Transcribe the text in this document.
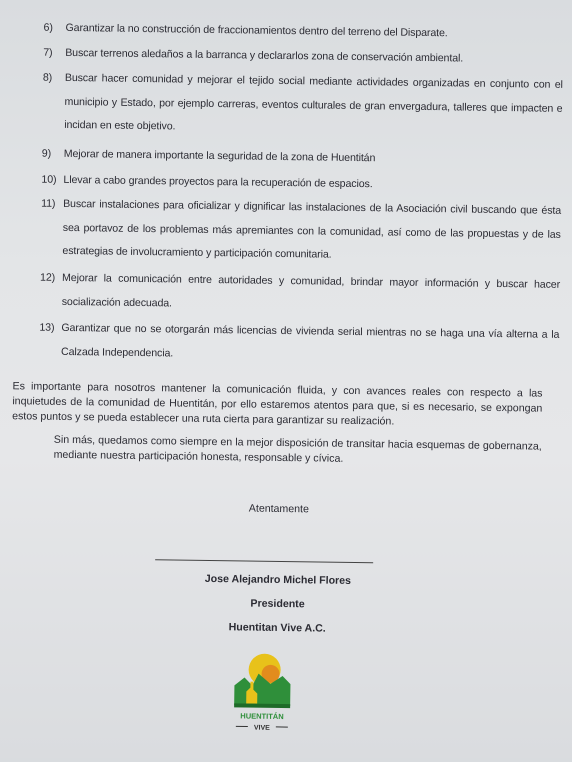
6) Garantizar la no construcción de fraccionamientos dentro del terreno del Disparate.
7) Buscar terrenos aledaños a la barranca y declararlos zona de conservación ambiental.
8)	Buscar hacer comunidad y mejorar el tejido social mediante actividades organizadas en conjunto con el municipio y Estado, por ejemplo carreras, eventos culturales de gran envergadura, talleres que impacten e incidan en este objetivo.
9) Mejorar de manera importante la seguridad de la zona de Huentitán
10) Llevar a cabo grandes proyectos para la recuperación de espacios.
11) Buscar instalaciones para oficializar y dignificar las instalaciones de la Asociación civil buscando que ésta sea portavoz de los problemas más apremiantes con la comunidad, así como de las propuestas y de las estrategias de involucramiento y participación comunitaria.
12) Mejorar la comunicación entre autoridades y comunidad, brindar mayor información y buscar hacer socialización adecuada.
13) Garantizar que no se otorgarán más licencias de vivienda serial mientras no se haga una vía alterna a la Calzada Independencia.
Es importante para nosotros mantener la comunicación fluida, y con avances reales con respecto a las inquietudes de la comunidad de Huentitán, por ello estaremos atentos para que, si es necesario, se expongan estos puntos y se pueda establecer una ruta cierta para garantizar su realización.
Sin más, quedamos como siempre en la mejor disposición de transitar hacia esquemas de gobernanza, mediante nuestra participación honesta, responsable y cívica.
Atentamente
Jose Alejandro Michel Flores
Presidente
Huentitan Vive A.C.
HUENTITÁN
VIVE
